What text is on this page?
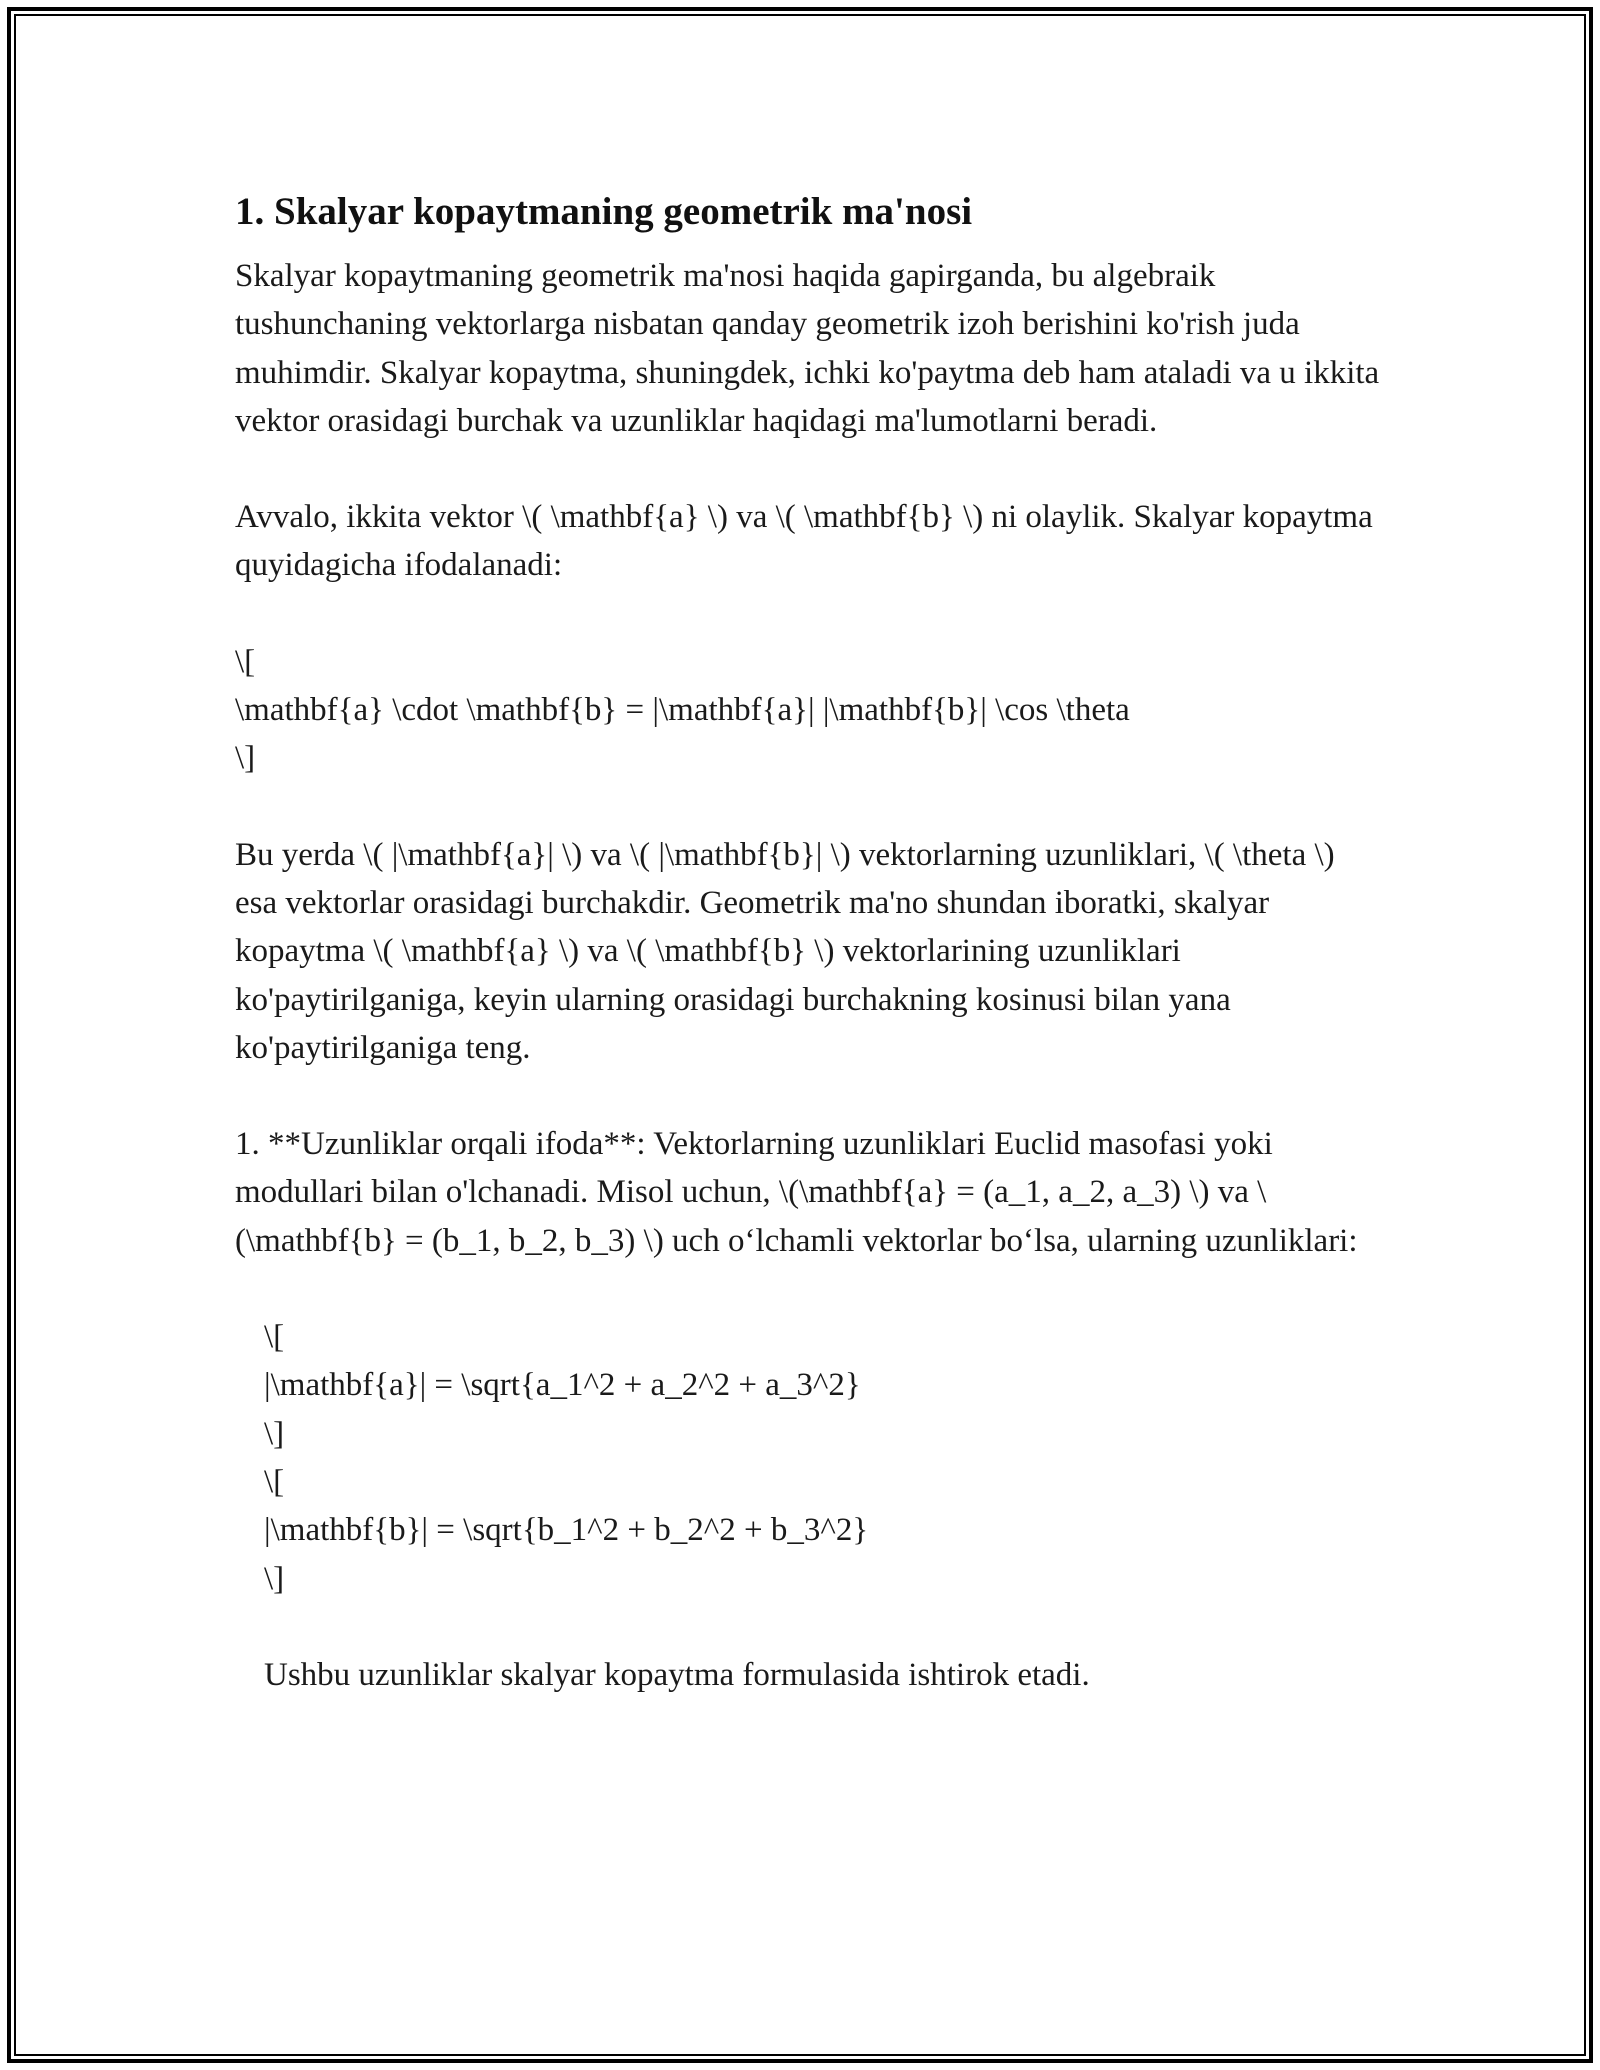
1. Skalyar kopaytmaning geometrik ma'nosi

Skalyar kopaytmaning geometrik ma'nosi haqida gapirganda, bu algebraik tushunchaning vektorlarga nisbatan qanday geometrik izoh berishini ko'rish juda muhimdir. Skalyar kopaytma, shuningdek, ichki ko'paytma deb ham ataladi va u ikkita vektor orasidagi burchak va uzunliklar haqidagi ma'lumotlarni beradi.

Avvalo, ikkita vektor \( \mathbf{a} \) va \( \mathbf{b} \) ni olaylik. Skalyar kopaytma quyidagicha ifodalanadi:

\[
\mathbf{a} \cdot \mathbf{b} = |\mathbf{a}| |\mathbf{b}| \cos \theta
\]

Bu yerda \( |\mathbf{a}| \) va \( |\mathbf{b}| \) vektorlarning uzunliklari, \( \theta \) esa vektorlar orasidagi burchakdir. Geometrik ma'no shundan iboratki, skalyar kopaytma \( \mathbf{a} \) va \( \mathbf{b} \) vektorlarining uzunliklari ko'paytirilganiga, keyin ularning orasidagi burchakning kosinusi bilan yana ko'paytirilganiga teng.

1. **Uzunliklar orqali ifoda**: Vektorlarning uzunliklari Euclid masofasi yoki modullari bilan o'lchanadi. Misol uchun, \(\mathbf{a} = (a_1, a_2, a_3) \) va \(\mathbf{b} = (b_1, b_2, b_3) \) uch o‘lchamli vektorlar bo‘lsa, ularning uzunliklari:

\[
|\mathbf{a}| = \sqrt{a_1^2 + a_2^2 + a_3^2}
\]
\[
|\mathbf{b}| = \sqrt{b_1^2 + b_2^2 + b_3^2}
\]

Ushbu uzunliklar skalyar kopaytma formulasida ishtirok etadi.
